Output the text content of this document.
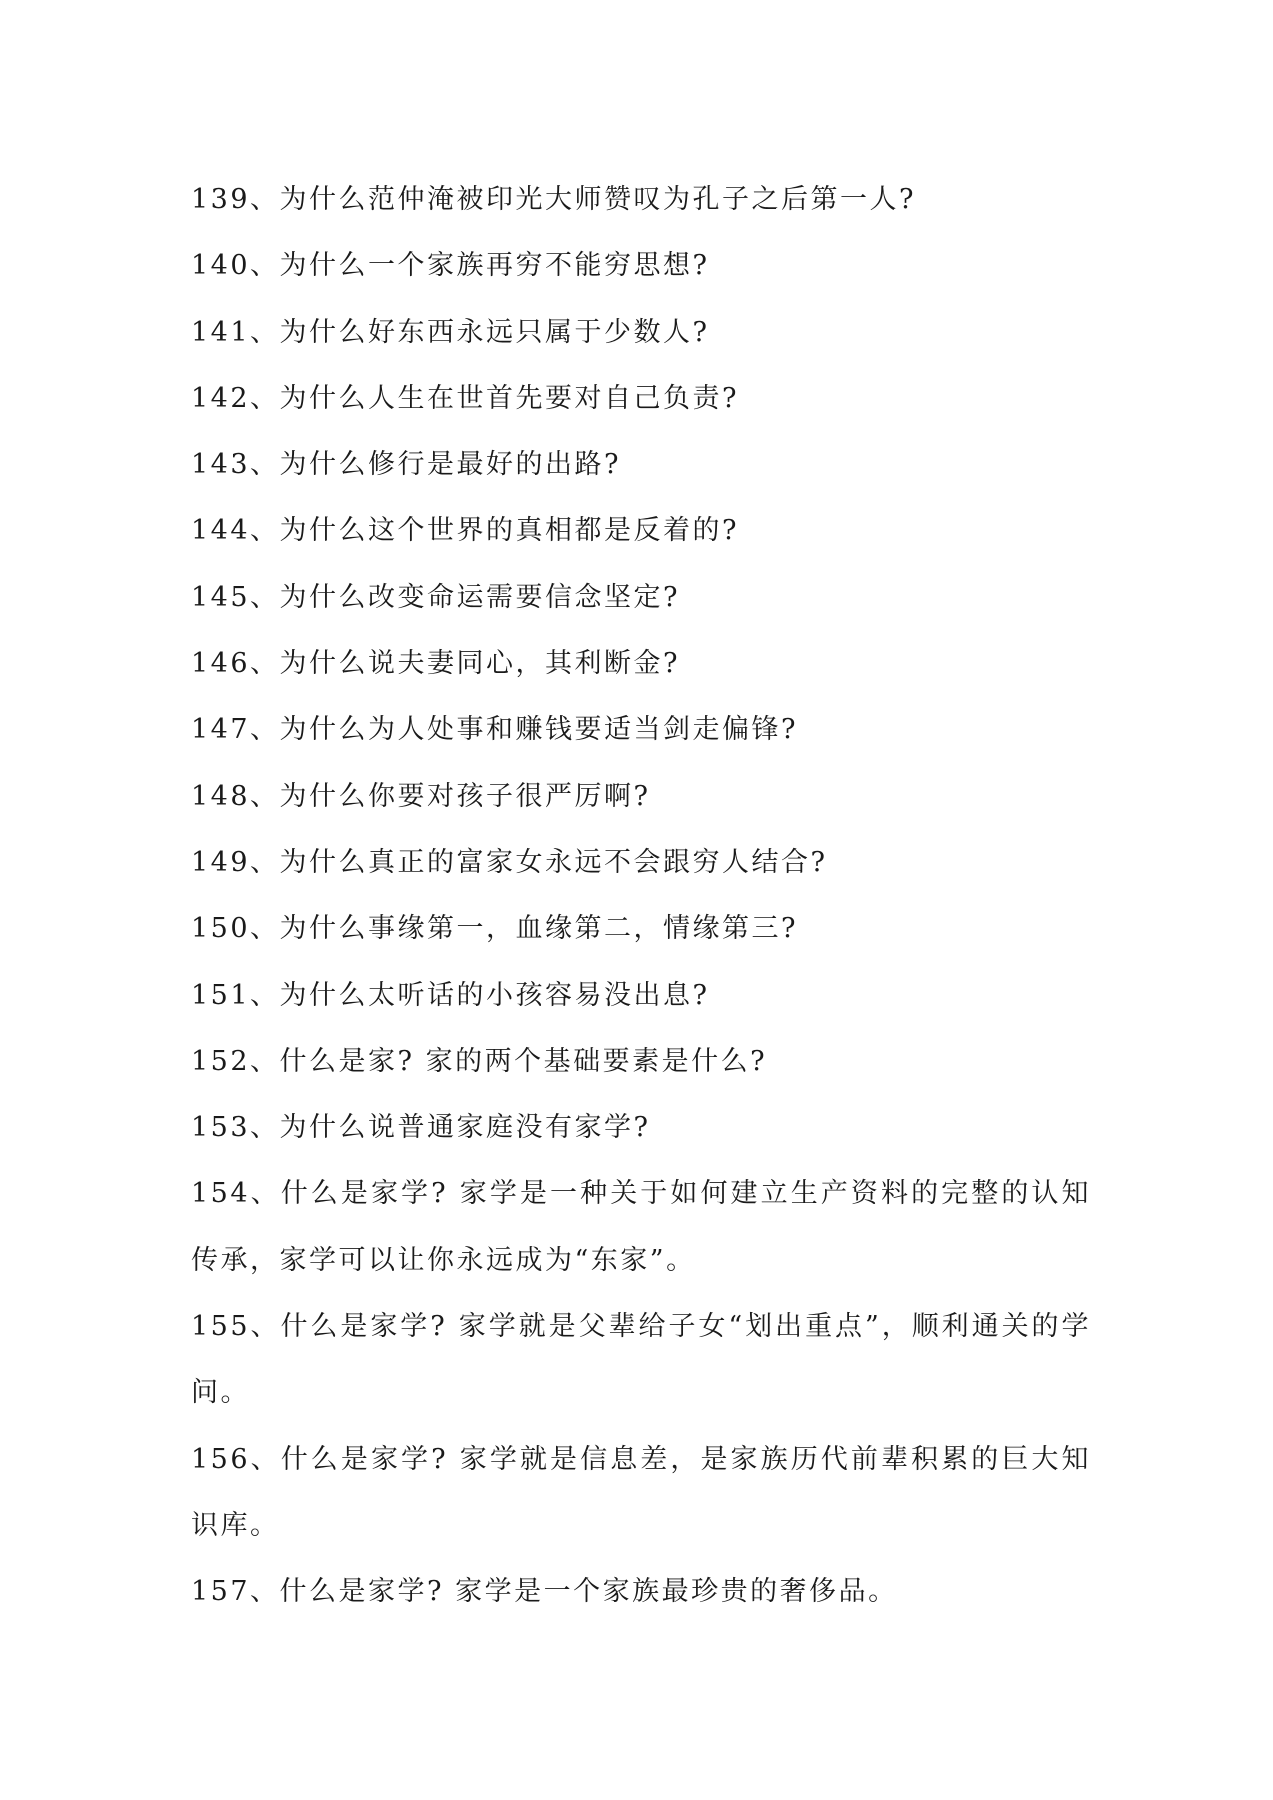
139、为什么范仲淹被印光大师赞叹为孔子之后第一人?

140、为什么一个家族再穷不能穷思想?

141、为什么好东西永远只属于少数人?

142、为什么人生在世首先要对自己负责?

143、为什么修行是最好的出路?

144、为什么这个世界的真相都是反着的?

145、为什么改变命运需要信念坚定?

146、为什么说夫妻同心，其利断金?

147、为什么为人处事和赚钱要适当剑走偏锋?

148、为什么你要对孩子很严厉啊?

149、为什么真正的富家女永远不会跟穷人结合?

150、为什么事缘第一，血缘第二，情缘第三?

151、为什么太听话的小孩容易没出息?

152、什么是家? 家的两个基础要素是什么?

153、为什么说普通家庭没有家学?

154、什么是家学? 家学是一种关于如何建立生产资料的完整的认知传承，家学可以让你永远成为“东家”。

155、什么是家学? 家学就是父辈给子女“划出重点”，顺利通关的学问。

156、什么是家学? 家学就是信息差，是家族历代前辈积累的巨大知识库。

157、什么是家学? 家学是一个家族最珍贵的奢侈品。
